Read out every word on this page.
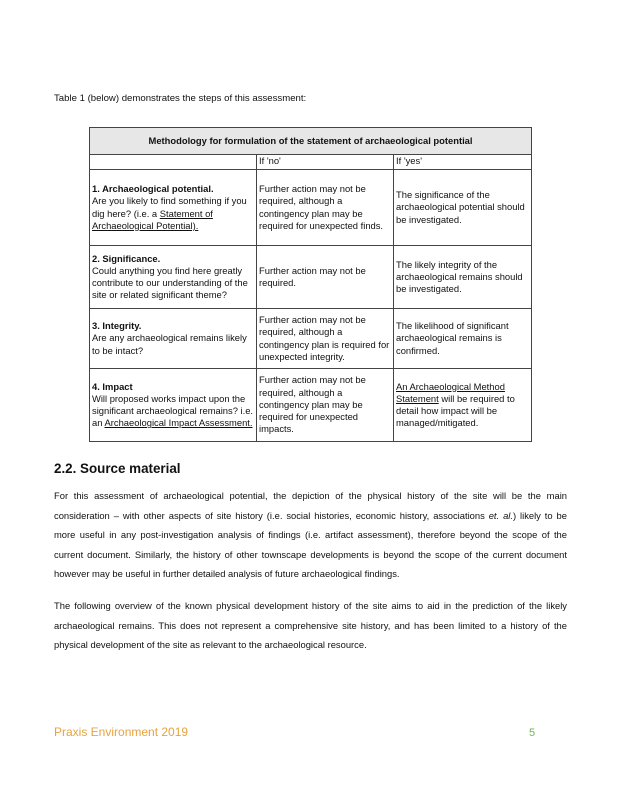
Table 1 (below) demonstrates the steps of this assessment:
Methodology for formulation of the statement of archaeological potential		
	If 'no'	If 'yes'

1. Archaeological potential.
Are you likely to find something if you dig here? (i.e. a Statement of Archaeological Potential).	Further action may not be required, although a contingency plan may be required for unexpected finds.	The significance of the archaeological potential should be investigated.

2. Significance.
Could anything you find here greatly contribute to our understanding of the site or related significant theme?	Further action may not be required.	The likely integrity of the archaeological remains should be investigated.

3. Integrity.
Are any archaeological remains likely to be intact?	Further action may not be required, although a contingency plan is required for unexpected integrity.	The likelihood of significant archaeological remains is confirmed.

4. Impact
Will proposed works impact upon the significant archaeological remains? i.e. an Archaeological Impact Assessment.	Further action may not be required, although a contingency plan may be required for unexpected impacts.	An Archaeological Method Statement will be required to detail how impact will be managed/mitigated.
2.2. Source material

For this assessment of archaeological potential, the depiction of the physical history of the site will be the main consideration – with other aspects of site history (i.e. social histories, economic history, associations et. al.) likely to be more useful in any post-investigation analysis of findings (i.e. artifact assessment), therefore beyond the scope of the current document. Similarly, the history of other townscape developments is beyond the scope of the current document however may be useful in further detailed analysis of future archaeological findings.

The following overview of the known physical development history of the site aims to aid in the prediction of the likely archaeological remains. This does not represent a comprehensive site history, and has been limited to a history of the physical development of the site as relevant to the archaeological resource.

Praxis Environment 2019	5
